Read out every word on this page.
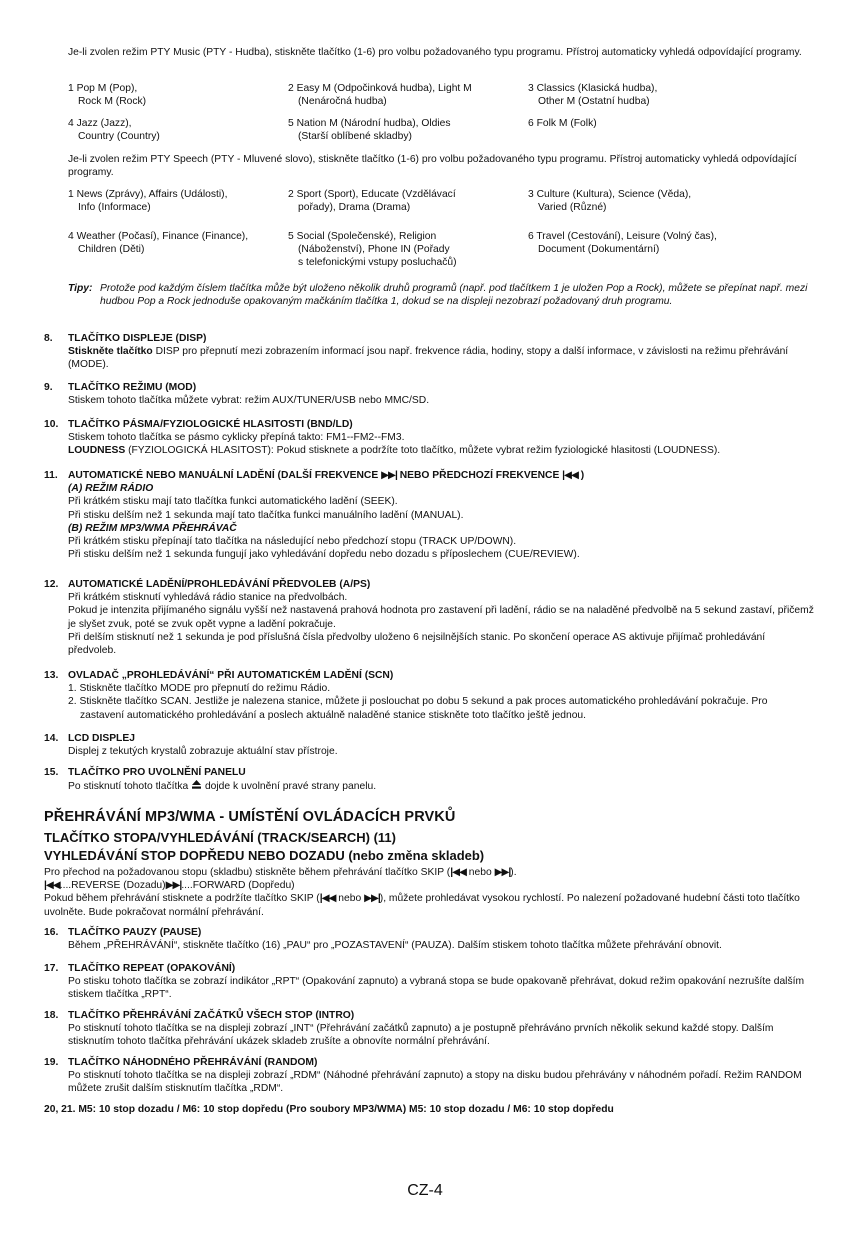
Je-li zvolen režim PTY Music (PTY - Hudba), stiskněte tlačítko (1-6) pro volbu požadovaného typu programu. Přístroj automaticky vyhledá odpovídající programy.

1 Pop M (Pop),
Rock M (Rock)
2 Easy M (Odpočinková hudba), Light M
(Nenáročná hudba)
3 Classics (Klasická hudba),
Other M (Ostatní hudba)
4 Jazz (Jazz),
Country (Country)
5 Nation M (Národní hudba), Oldies
(Starší oblíbené skladby)
6 Folk M (Folk)

Je-li zvolen režim PTY Speech (PTY - Mluvené slovo), stiskněte tlačítko (1-6) pro volbu požadovaného typu programu. Přístroj automaticky vyhledá odpovídající programy.

1 News (Zprávy), Affairs (Události),
Info (Informace)
2 Sport (Sport), Educate (Vzdělávací
pořady), Drama (Drama)
3 Culture (Kultura), Science (Věda),
Varied (Různé)
4 Weather (Počasí), Finance (Finance),
Children (Děti)
5 Social (Společenské), Religion
(Náboženství), Phone IN (Pořady
s telefonickými vstupy posluchačů)
6 Travel (Cestování), Leisure (Volný čas),
Document (Dokumentární)
Tipy: Protože pod každým číslem tlačítka může být uloženo několik druhů programů (např. pod tlačítkem 1 je uložen Pop a Rock), můžete se přepínat např. mezi hudbou Pop a Rock jednoduše opakovaným mačkáním tlačítka 1, dokud se na displeji nezobrazí požadovaný druh programu.
8. TLAČÍTKO DISPLEJE (DISP)
Stiskněte tlačítko DISP pro přepnutí mezi zobrazením informací jsou např. frekvence rádia, hodiny, stopy a další informace, v závislosti na režimu přehrávání (MODE).
9. TLAČÍTKO REŽIMU (MOD)
Stiskem tohoto tlačítka můžete vybrat: režim AUX/TUNER/USB nebo MMC/SD.
10. TLAČÍTKO PÁSMA/FYZIOLOGICKÉ HLASITOSTI (BND/LD)
Stiskem tohoto tlačítka se pásmo cyklicky přepíná takto: FM1--FM2--FM3.
LOUDNESS (FYZIOLOGICKÁ HLASITOST): Pokud stisknete a podržíte toto tlačítko, můžete vybrat režim fyziologické hlasitosti (LOUDNESS).
11. AUTOMATICKÉ NEBO MANUÁLNÍ LADĚNÍ (DALŠÍ FREKVENCE ▶▶| NEBO PŘEDCHOZÍ FREKVENCE |◀◀ )
(A) REŽIM RÁDIO
Při krátkém stisku mají tato tlačítka funkci automatického ladění (SEEK).
Při stisku delším než 1 sekunda mají tato tlačítka funkci manuálního ladění (MANUAL).
(B) REŽIM MP3/WMA PŘEHRÁVAČ
Při krátkém stisku přepínají tato tlačítka na následující nebo předchozí stopu (TRACK UP/DOWN).
Při stisku delším než 1 sekunda fungují jako vyhledávání dopředu nebo dozadu s příposlechem (CUE/REVIEW).
12. AUTOMATICKÉ LADĚNÍ/PROHLEDÁVÁNÍ PŘEDVOLEB (A/PS)
Při krátkém stisknutí vyhledává rádio stanice na předvolbách.
Pokud je intenzita přijímaného signálu vyšší než nastavená prahová hodnota pro zastavení při ladění, rádio se na naladěné předvolbě na 5 sekund zastaví, přičemž je slyšet zvuk, poté se zvuk opět vypne a ladění pokračuje.
Při delším stisknutí než 1 sekunda je pod příslušná čísla předvolby uloženo 6 nejsilnějších stanic. Po skončení operace AS aktivuje přijímač prohledávání předvoleb.
13. OVLADAČ „PROHLEDÁVÁNÍ“ PŘI AUTOMATICKÉM LADĚNÍ (SCN)
1. Stiskněte tlačítko MODE pro přepnutí do režimu Rádio.
2. Stiskněte tlačítko SCAN. Jestliže je nalezena stanice, můžete ji poslouchat po dobu 5 sekund a pak proces automatického prohledávání pokračuje. Pro zastavení automatického prohledávání a poslech aktuálně naladěné stanice stiskněte toto tlačítko ještě jednou.
14. LCD DISPLEJ
Displej z tekutých krystalů zobrazuje aktuální stav přístroje.
15. TLAČÍTKO PRO UVOLNĚNÍ PANELU
Po stisknutí tohoto tlačítka  dojde k uvolnění pravé strany panelu.
PŘEHRÁVÁNÍ MP3/WMA - UMÍSTĚNÍ OVLÁDACÍCH PRVKŮ
TLAČÍTKO STOPA/VYHLEDÁVÁNÍ (TRACK/SEARCH) (11)
VYHLEDÁVÁNÍ STOP DOPŘEDU NEBO DOZADU (nebo změna skladeb)
Pro přechod na požadovanou stopu (skladbu) stiskněte během přehrávání tlačítko SKIP (|◀◀ nebo ▶▶|).
|◀◀....REVERSE (Dozadu)▶▶|....FORWARD (Dopředu)
Pokud během přehrávání stisknete a podržíte tlačítko SKIP (|◀◀ nebo ▶▶|), můžete prohledávat vysokou rychlostí. Po nalezení požadované hudební části toto tlačítko uvolněte. Bude pokračovat normální přehrávání.
16. TLAČÍTKO PAUZY (PAUSE)
Během „PŘEHRÁVÁNÍ“, stiskněte tlačítko (16) „PAU“ pro „POZASTAVENÍ“ (PAUZA). Dalším stiskem tohoto tlačítka můžete přehrávání obnovit.
17. TLAČÍTKO REPEAT (OPAKOVÁNÍ)
Po stisku tohoto tlačítka se zobrazí indikátor „RPT“ (Opakování zapnuto) a vybraná stopa se bude opakovaně přehrávat, dokud režim opakování nezrušíte dalším stiskem tlačítka „RPT“.
18. TLAČÍTKO PŘEHRÁVÁNÍ ZAČÁTKŮ VŠECH STOP (INTRO)
Po stisknutí tohoto tlačítka se na displeji zobrazí „INT“ (Přehrávání začátků zapnuto) a je postupně přehráváno prvních několik sekund každé stopy. Dalším stisknutím tohoto tlačítka přehrávání ukázek skladeb zrušíte a obnovíte normální přehrávání.
19. TLAČÍTKO NÁHODNÉHO PŘEHRÁVÁNÍ (RANDOM)
Po stisknutí tohoto tlačítka se na displeji zobrazí „RDM“ (Náhodné přehrávání zapnuto) a stopy na disku budou přehrávány v náhodném pořadí. Režim RANDOM můžete zrušit dalším stisknutím tlačítka „RDM“.
20, 21. M5: 10 stop dozadu / M6: 10 stop dopředu (Pro soubory MP3/WMA) M5: 10 stop dozadu / M6: 10 stop dopředu
CZ-4
